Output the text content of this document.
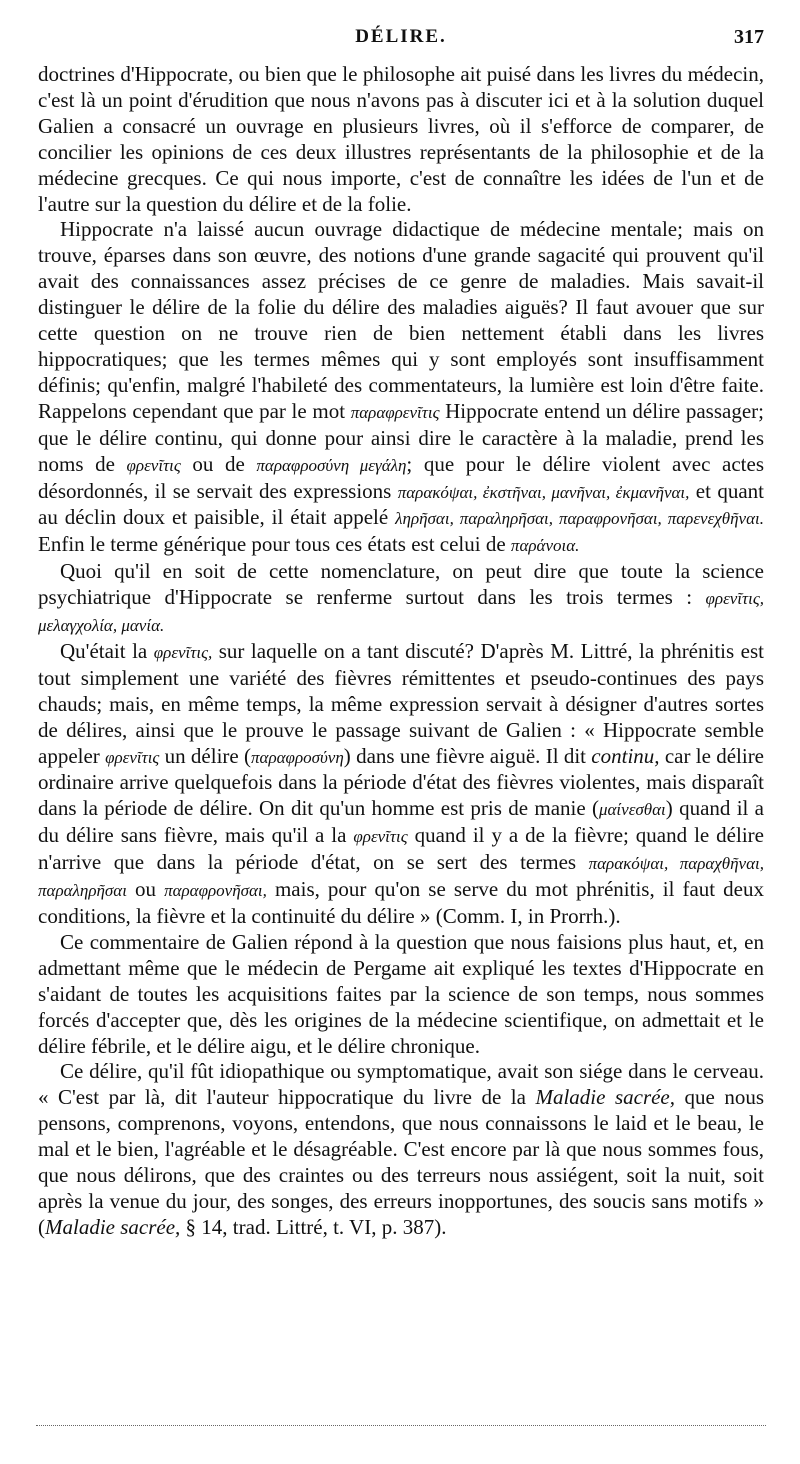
DÉLIRE.	317

doctrines d'Hippocrate, ou bien que le philosophe ait puisé dans les livres du médecin, c'est là un point d'érudition que nous n'avons pas à discuter ici et à la solution duquel Galien a consacré un ouvrage en plusieurs livres, où il s'efforce de comparer, de concilier les opinions de ces deux illustres représentants de la philosophie et de la médecine grecques. Ce qui nous importe, c'est de connaître les idées de l'un et de l'autre sur la question du délire et de la folie.

Hippocrate n'a laissé aucun ouvrage didactique de médecine mentale; mais on trouve, éparses dans son œuvre, des notions d'une grande sagacité qui prouvent qu'il avait des connaissances assez précises de ce genre de maladies. Mais savait-il distinguer le délire de la folie du délire des maladies aiguës? Il faut avouer que sur cette question on ne trouve rien de bien nettement établi dans les livres hippocratiques; que les termes mêmes qui y sont employés sont insuffisamment définis; qu'enfin, malgré l'habileté des commentateurs, la lumière est loin d'être faite. Rappelons cependant que par le mot παραφρενῖτις Hippocrate entend un délire passager; que le délire continu, qui donne pour ainsi dire le caractère à la maladie, prend les noms de φρενῖτις ou de παραφροσύνη μεγάλη; que pour le délire violent avec actes désordonnés, il se servait des expressions παρακόψαι, ἐκστῆναι, μανῆναι, ἐκμανῆναι, et quant au déclin doux et paisible, il était appelé ληρῆσαι, παραληρῆσαι, παραφρονῆσαι, παρενεχθῆναι. Enfin le terme générique pour tous ces états est celui de παράνοια.

Quoi qu'il en soit de cette nomenclature, on peut dire que toute la science psychiatrique d'Hippocrate se renferme surtout dans les trois termes : φρενῖτις, μελαγχολία, μανία.

Qu'était la φρενῖτις, sur laquelle on a tant discuté? D'après M. Littré, la phrénitis est tout simplement une variété des fièvres rémittentes et pseudo-continues des pays chauds; mais, en même temps, la même expression servait à désigner d'autres sortes de délires, ainsi que le prouve le passage suivant de Galien : « Hippocrate semble appeler φρενῖτις un délire (παραφροσύνη) dans une fièvre aiguë. Il dit continu, car le délire ordinaire arrive quelquefois dans la période d'état des fièvres violentes, mais disparaît dans la période de délire. On dit qu'un homme est pris de manie (μαίνεσθαι) quand il a du délire sans fièvre, mais qu'il a la φρενῖτις quand il y a de la fièvre; quand le délire n'arrive que dans la période d'état, on se sert des termes παρακόψαι, παραχθῆναι, παραληρῆσαι ou παραφρονῆσαι, mais, pour qu'on se serve du mot phrénitis, il faut deux conditions, la fièvre et la continuité du délire » (Comm. I, in Prorrh.).

Ce commentaire de Galien répond à la question que nous faisions plus haut, et, en admettant même que le médecin de Pergame ait expliqué les textes d'Hippocrate en s'aidant de toutes les acquisitions faites par la science de son temps, nous sommes forcés d'accepter que, dès les origines de la médecine scientifique, on admettait et le délire fébrile, et le délire aigu, et le délire chronique.

Ce délire, qu'il fût idiopathique ou symptomatique, avait son siége dans le cerveau. « C'est par là, dit l'auteur hippocratique du livre de la Maladie sacrée, que nous pensons, comprenons, voyons, entendons, que nous connaissons le laid et le beau, le mal et le bien, l'agréable et le désagréable. C'est encore par là que nous sommes fous, que nous délirons, que des craintes ou des terreurs nous assiégent, soit la nuit, soit après la venue du jour, des songes, des erreurs inopportunes, des soucis sans motifs » (Maladie sacrée, § 14, trad. Littré, t. VI, p. 387).
